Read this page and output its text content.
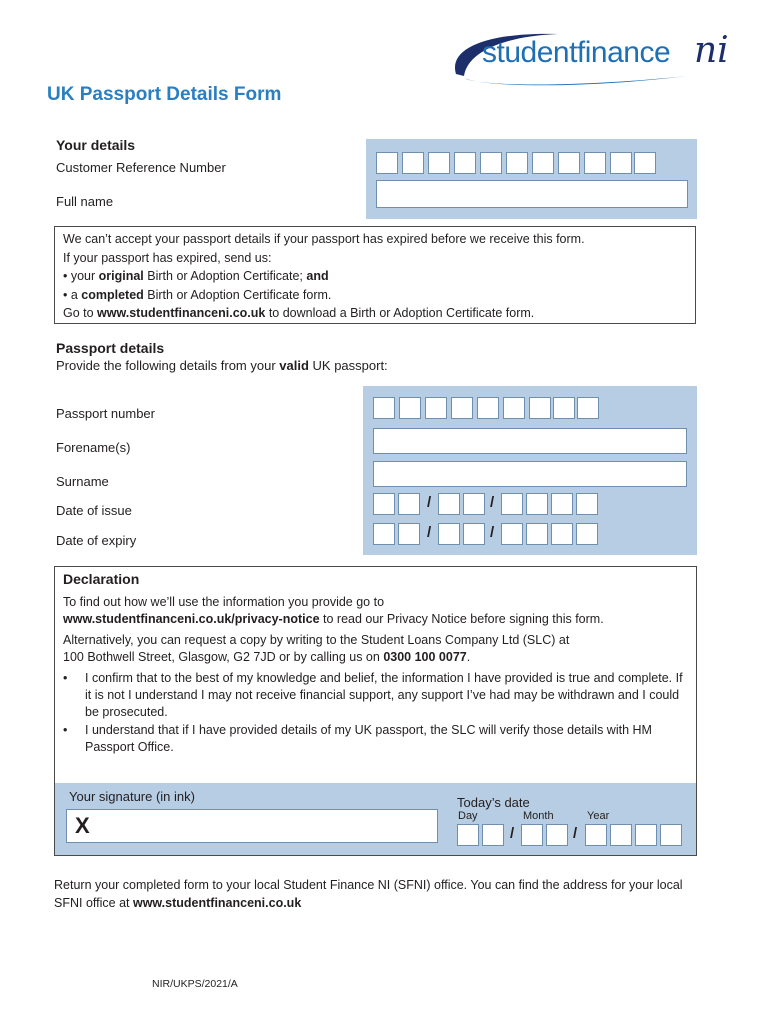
studentfinance ni
UK Passport Details Form
Your details
Customer Reference Number
Full name

We can’t accept your passport details if your passport has expired before we receive this form.

If your passport has expired, send us:

• your original Birth or Adoption Certificate; and

• a completed Birth or Adoption Certificate form.

Go to www.studentfinanceni.co.uk to download a Birth or Adoption Certificate form.

Passport details
Provide the following details from your valid UK passport:
Passport number
Forename(s)
Surname
Date of issue
Date of expiry
/	/
/	/

Declaration

To find out how we’ll use the information you provide go to
www.studentfinanceni.co.uk/privacy-notice to read our Privacy Notice before signing this form.

Alternatively, you can request a copy by writing to the Student Loans Company Ltd (SLC) at
100 Bothwell Street, Glasgow, G2 7JD or by calling us on 0300 100 0077.

• I confirm that to the best of my knowledge and belief, the information I have provided is true and complete. If it is not I understand I may not receive financial support, any support I’ve had may be withdrawn and I could be prosecuted.
• I understand that if I have provided details of my UK passport, the SLC will verify those details with HM Passport Office.
Your signature (in ink)
X
Today’s date
Day	Month	Year
/	/
Return your completed form to your local Student Finance NI (SFNI) office. You can find the address for your local SFNI office at www.studentfinanceni.co.uk
NIR/UKPS/2021/A
